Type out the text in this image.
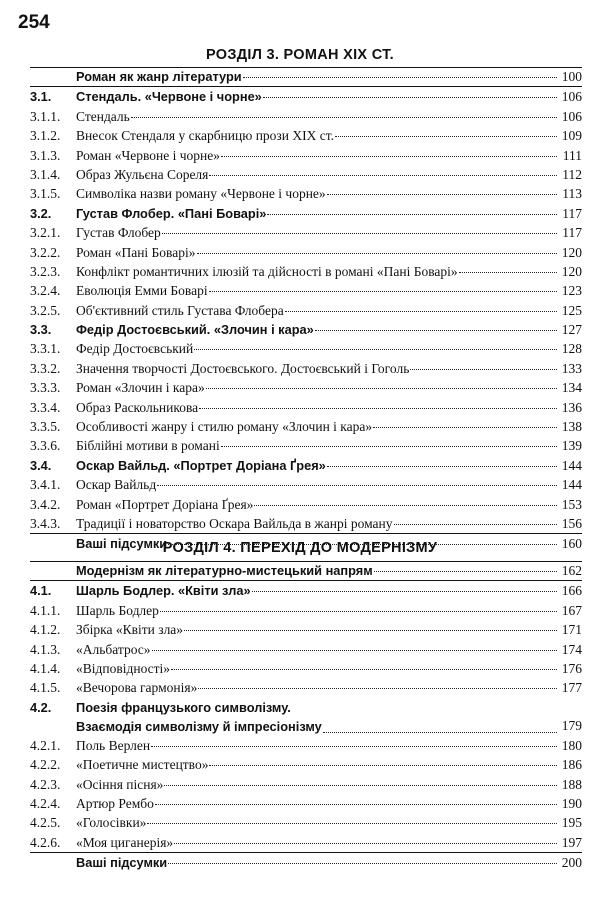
254
РОЗДІЛ 3. РОМАН ХІХ СТ.
Роман як жанр літератури	100
3.1.	Стендаль. «Червоне і чорне»	106
3.1.1.	Стендаль	106
3.1.2.	Внесок Стендаля у скарбницю прози ХІХ ст.	109
3.1.3.	Роман «Червоне і чорне»	111
3.1.4.	Образ Жульєна Сореля	112
3.1.5.	Символіка назви роману «Червоне і чорне»	113
3.2.	Густав Флобер. «Пані Боварі»	117
3.2.1.	Густав Флобер	117
3.2.2.	Роман «Пані Боварі»	120
3.2.3.	Конфлікт романтичних ілюзій та дійсності в романі «Пані Боварі»	120
3.2.4.	Еволюція Емми Боварі	123
3.2.5.	Об'єктивний стиль Густава Флобера	125
3.3.	Федір Достоєвський. «Злочин і кара»	127
3.3.1.	Федір Достоєвський	128
3.3.2.	Значення творчості Достоєвського. Достоєвський і Гоголь	133
3.3.3.	Роман «Злочин і кара»	134
3.3.4.	Образ Раскольникова	136
3.3.5.	Особливості жанру і стилю роману «Злочин і кара»	138
3.3.6.	Біблійні мотиви в романі	139
3.4.	Оскар Вайльд. «Портрет Доріана Ґрея»	144
3.4.1.	Оскар Вайльд	144
3.4.2.	Роман «Портрет Доріана Ґрея»	153
3.4.3.	Традиції і новаторство Оскара Вайльда в жанрі роману	156
Ваші підсумки	160
РОЗДІЛ 4. ПЕРЕХІД ДО МОДЕРНІЗМУ
Модернізм як літературно-мистецький напрям	162
4.1.	Шарль Бодлер. «Квіти зла»	166
4.1.1.	Шарль Бодлер	167
4.1.2.	Збірка «Квіти зла»	171
4.1.3.	«Альбатрос»	174
4.1.4.	«Відповідності»	176
4.1.5.	«Вечорова гармонія»	177
4.2.	Поезія французького символізму.
Взаємодія символізму й імпресіонізму	179
4.2.1.	Поль Верлен	180
4.2.2.	«Поетичне мистецтво»	186
4.2.3.	«Осіння пісня»	188
4.2.4.	Артюр Рембо	190
4.2.5.	«Голосівки»	195
4.2.6.	«Моя циганерія»	197
Ваші підсумки	200
